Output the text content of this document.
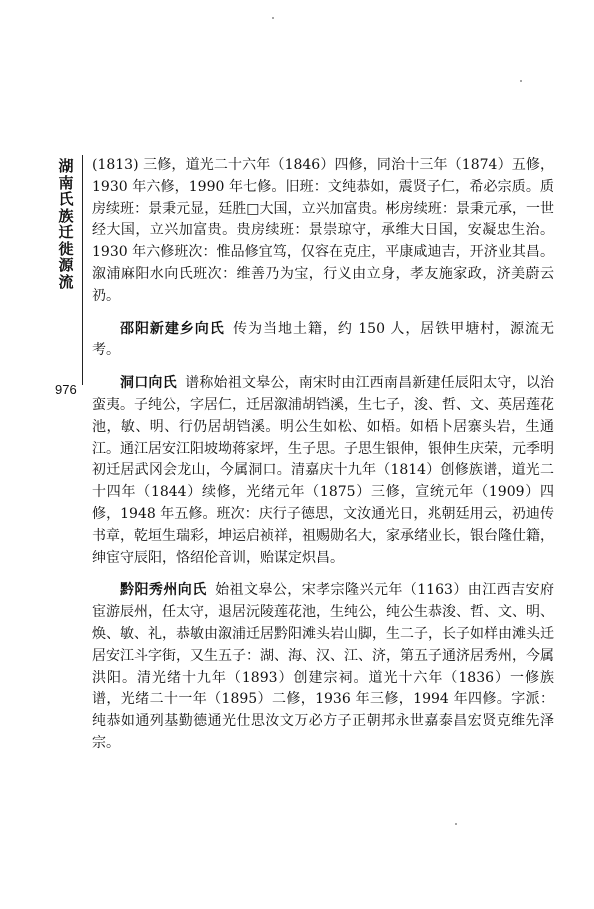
湖南氏族迁徙源流
976

(1813) 三修，道光二十六年（1846）四修，同治十三年（1874）五修，1930 年六修，1990 年七修。旧班：文纯恭如，震贤子仁，希必宗质。质房续班：景秉元显，廷胜□大国，立兴加富贵。彬房续班：景秉元承，一世经大国，立兴加富贵。贵房续班：景崇琼守，承维大日国，安凝忠生治。1930 年六修班次：惟品修宜笃，仅容在克庄，平康咸迪吉，开济业其昌。溆浦麻阳水向氏班次：维善乃为宝，行义由立身，孝友施家政，济美蔚云礽。

邵阳新建乡向氏 传为当地土籍，约 150 人，居铁甲塘村，源流无考。

洞口向氏 谱称始祖文皋公，南宋时由江西南昌新建任辰阳太守，以治蛮夷。子纯公，字居仁，迁居溆浦胡铛溪，生七子，浚、哲、文、英居莲花池，敏、明、行仍居胡铛溪。明公生如松、如梧。如梧卜居寨头岩，生通江。通江居安江阳坡坳蒋家坪，生子思。子思生银伸，银伸生庆荣，元季明初迁居武冈会龙山，今属洞口。清嘉庆十九年（1814）创修族谱，道光二十四年（1844）续修，光绪元年（1875）三修，宣统元年（1909）四修，1948 年五修。班次：庆行子德思，文汝通光日，兆朝廷用云，礽迪传书章，乾垣生瑞彩，坤运启祯祥，祖赐勋名大，家承绪业长，银台隆仕籍，绅宦守辰阳，恪绍伦音训，贻谋定炽昌。

黔阳秀州向氏 始祖文皋公，宋孝宗隆兴元年（1163）由江西吉安府宦游辰州，任太守，退居沅陵莲花池，生纯公，纯公生恭浚、哲、文、明、焕、敏、礼，恭敏由溆浦迁居黔阳滩头岩山脚，生二子，长子如样由滩头迁居安江斗字街，又生五子：湖、海、汉、江、济，第五子通济居秀州，今属洪阳。清光绪十九年（1893）创建宗祠。道光十六年（1836）一修族谱，光绪二十一年（1895）二修，1936 年三修，1994 年四修。字派：纯恭如通列基勤德通光仕思汝文万必方子正朝邦永世嘉泰昌宏贤克维先泽宗。
